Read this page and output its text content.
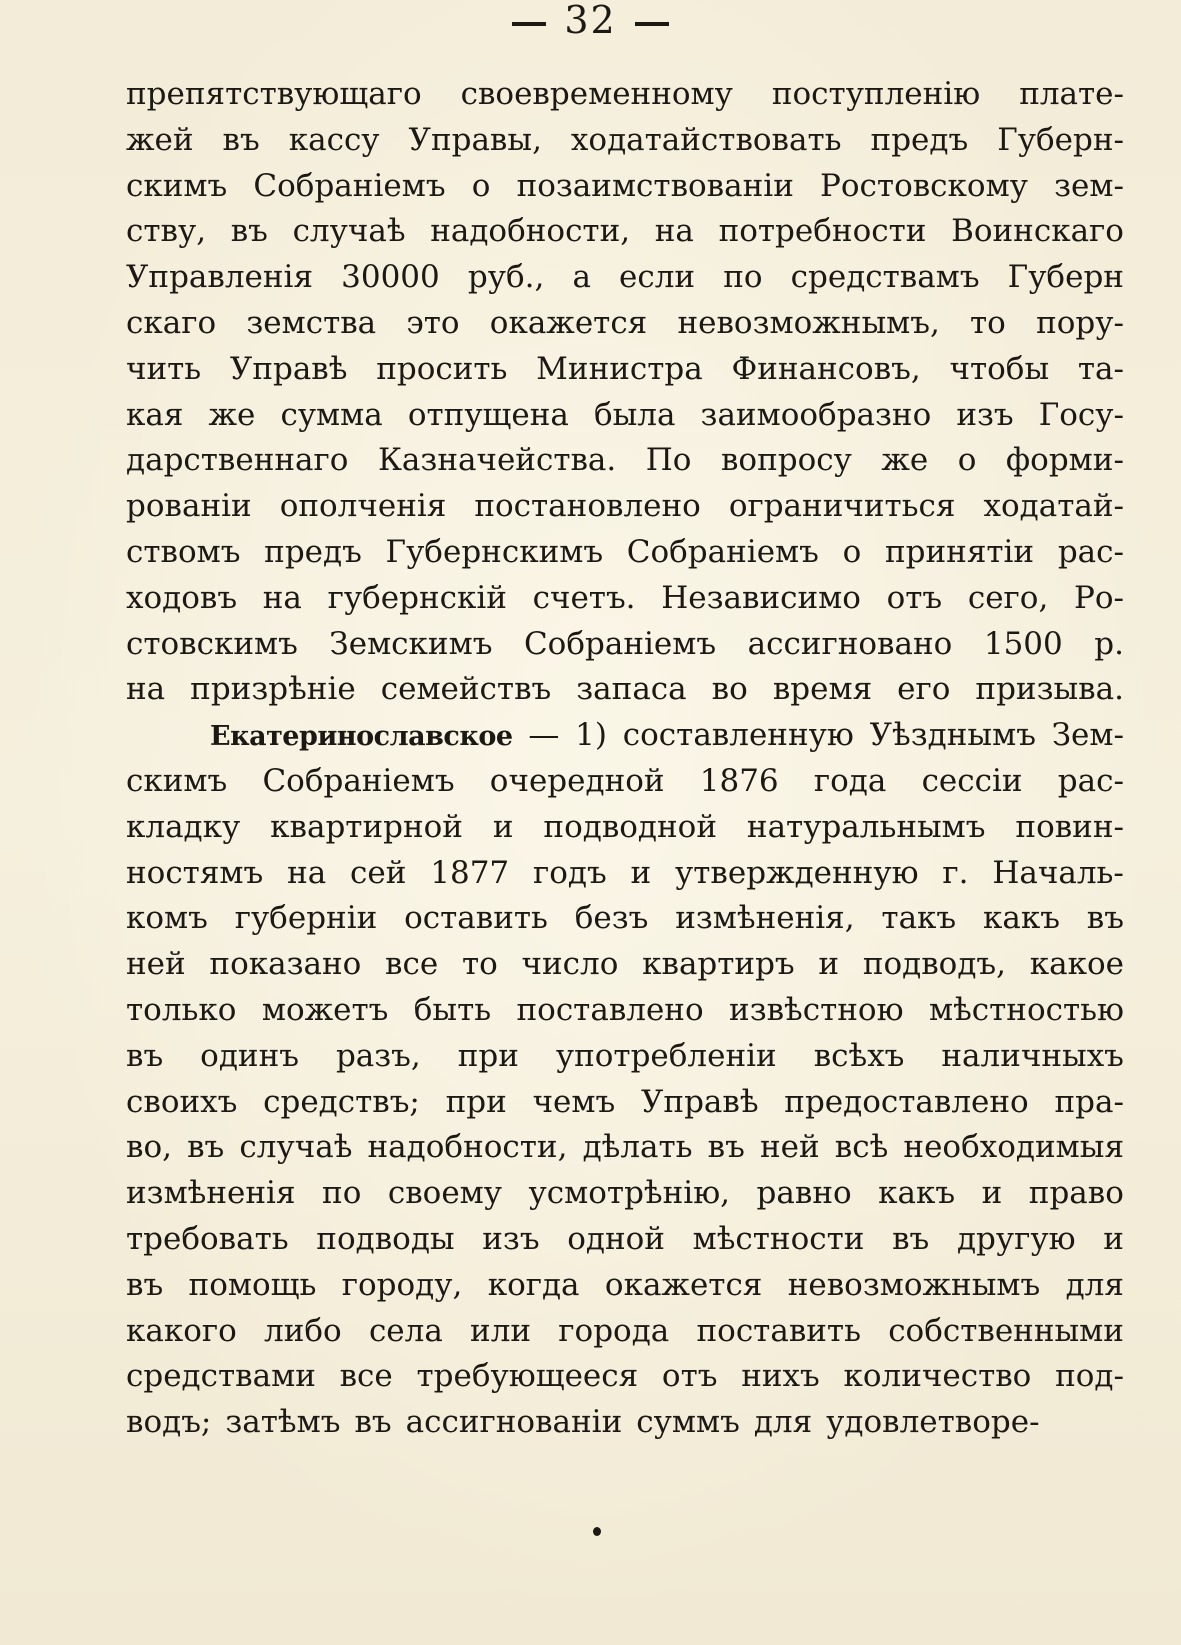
32
препятствующаго своевременному поступленію плате-
жей въ кассу Управы, ходатайствовать предъ Губерн-
скимъ Собраніемъ о позаимствованіи Ростовскому зем-
ству, въ случаѣ надобности, на потребности Воинскаго
Управленія 30000 руб., а если по средствамъ Губерн
скаго земства это окажется невозможнымъ, то пору-
чить Управѣ просить Министра Финансовъ, чтобы та-
кая же сумма отпущена была заимообразно изъ Госу-
дарственнаго Казначейства. По вопросу же о форми-
рованіи ополченія постановлено ограничиться ходатай-
ствомъ предъ Губернскимъ Собраніемъ о принятіи рас-
ходовъ на губернскій счетъ. Независимо отъ сего, Ро-
стовскимъ Земскимъ Собраніемъ ассигновано 1500 р.
на призрѣніе семействъ запаса во время его призыва.
Екатеринославское — 1) составленную Уѣзднымъ Зем-
скимъ Собраніемъ очередной 1876 года сессіи рас-
кладку квартирной и подводной натуральнымъ повин-
ностямъ на сей 1877 годъ и утвержденную г. Началь-
комъ губерніи оставить безъ измѣненія, такъ какъ въ
ней показано все то число квартиръ и подводъ, какое
только можетъ быть поставлено извѣстною мѣстностью
въ одинъ разъ, при употребленіи всѣхъ наличныхъ
своихъ средствъ; при чемъ Управѣ предоставлено пра-
во, въ случаѣ надобности, дѣлать въ ней всѣ необходимыя
измѣненія по своему усмотрѣнію, равно какъ и право
требовать подводы изъ одной мѣстности въ другую и
въ помощь городу, когда окажется невозможнымъ для
какого либо села или города поставить собственными
средствами все требующееся отъ нихъ количество под-
водъ; затѣмъ въ ассигнованіи суммъ для удовлетворе-
